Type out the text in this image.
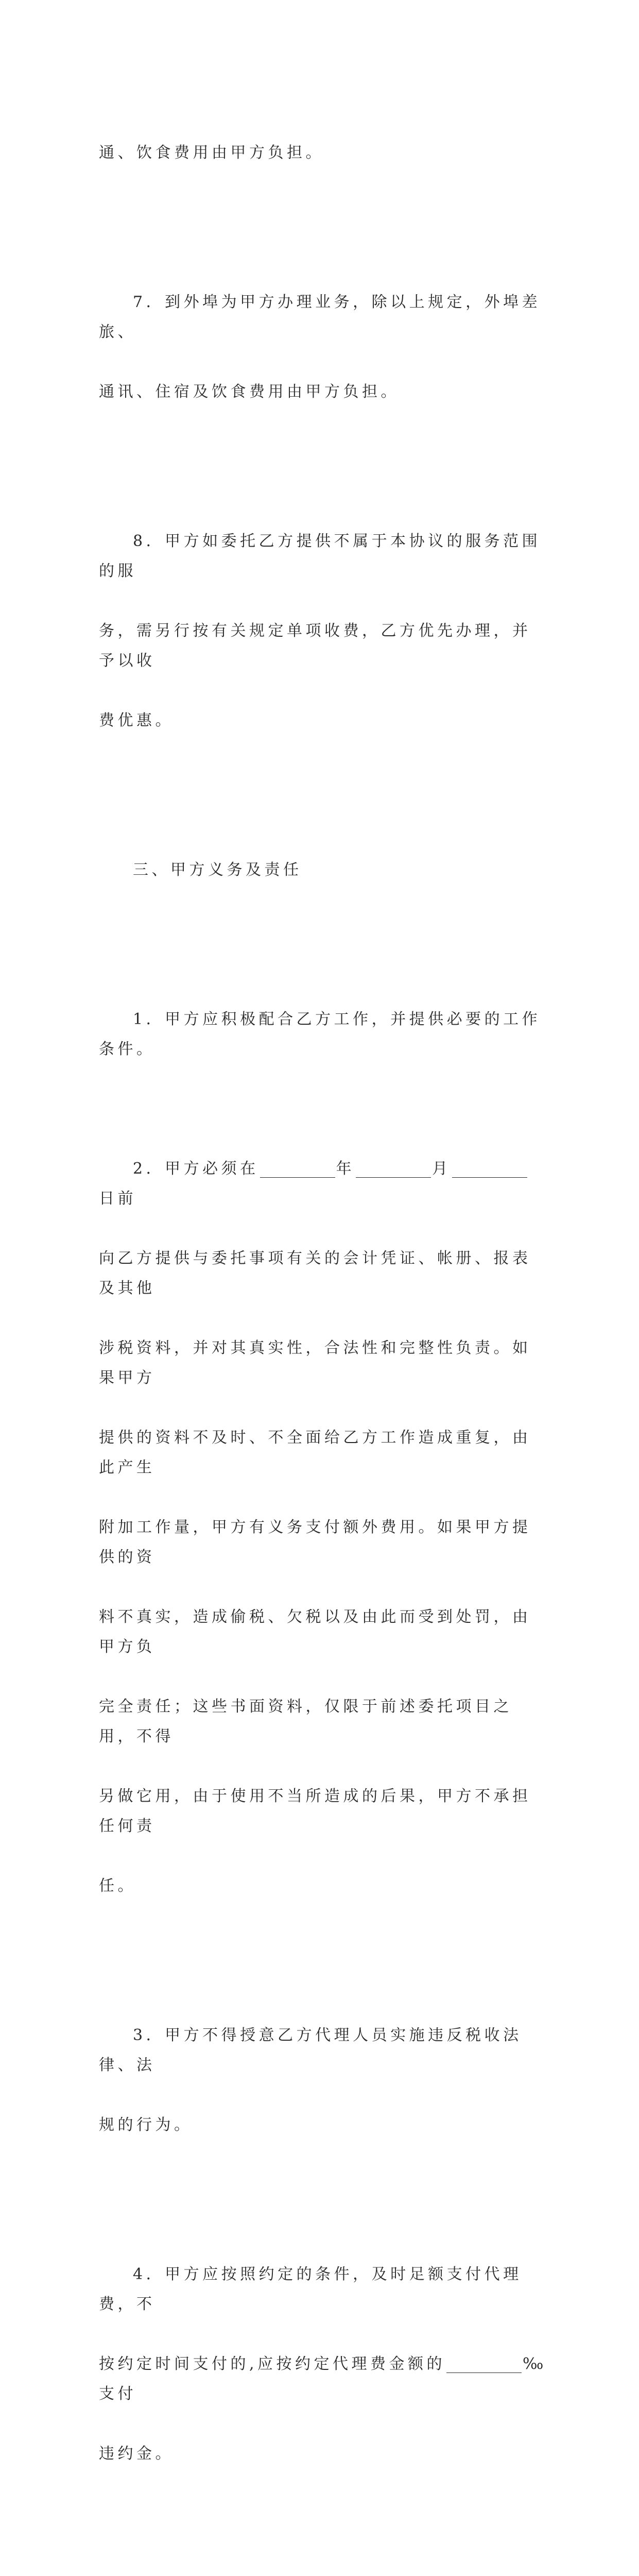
通、饮食费用由甲方负担。

7．到外埠为甲方办理业务，除以上规定，外埠差旅、

通讯、住宿及饮食费用由甲方负担。

8．甲方如委托乙方提供不属于本协议的服务范围的服

务，需另行按有关规定单项收费，乙方优先办理，并予以收

费优惠。

三、甲方义务及责任

1．甲方应积极配合乙方工作，并提供必要的工作条件。

2．甲方必须在	年	月日前

向乙方提供与委托事项有关的会计凭证、帐册、报表及其他

涉税资料，并对其真实性，合法性和完整性负责。如果甲方

提供的资料不及时、不全面给乙方工作造成重复，由此产生

附加工作量，甲方有义务支付额外费用。如果甲方提供的资

料不真实，造成偷税、欠税以及由此而受到处罚，由甲方负

完全责任；这些书面资料，仅限于前述委托项目之用，不得

另做它用，由于使用不当所造成的后果，甲方不承担任何责

任。

3．甲方不得授意乙方代理人员实施违反税收法律、法

规的行为。

4．甲方应按照约定的条件，及时足额支付代理费，不

按约定时间支付的,应按约定代理费金额的	‰支付

违约金。
